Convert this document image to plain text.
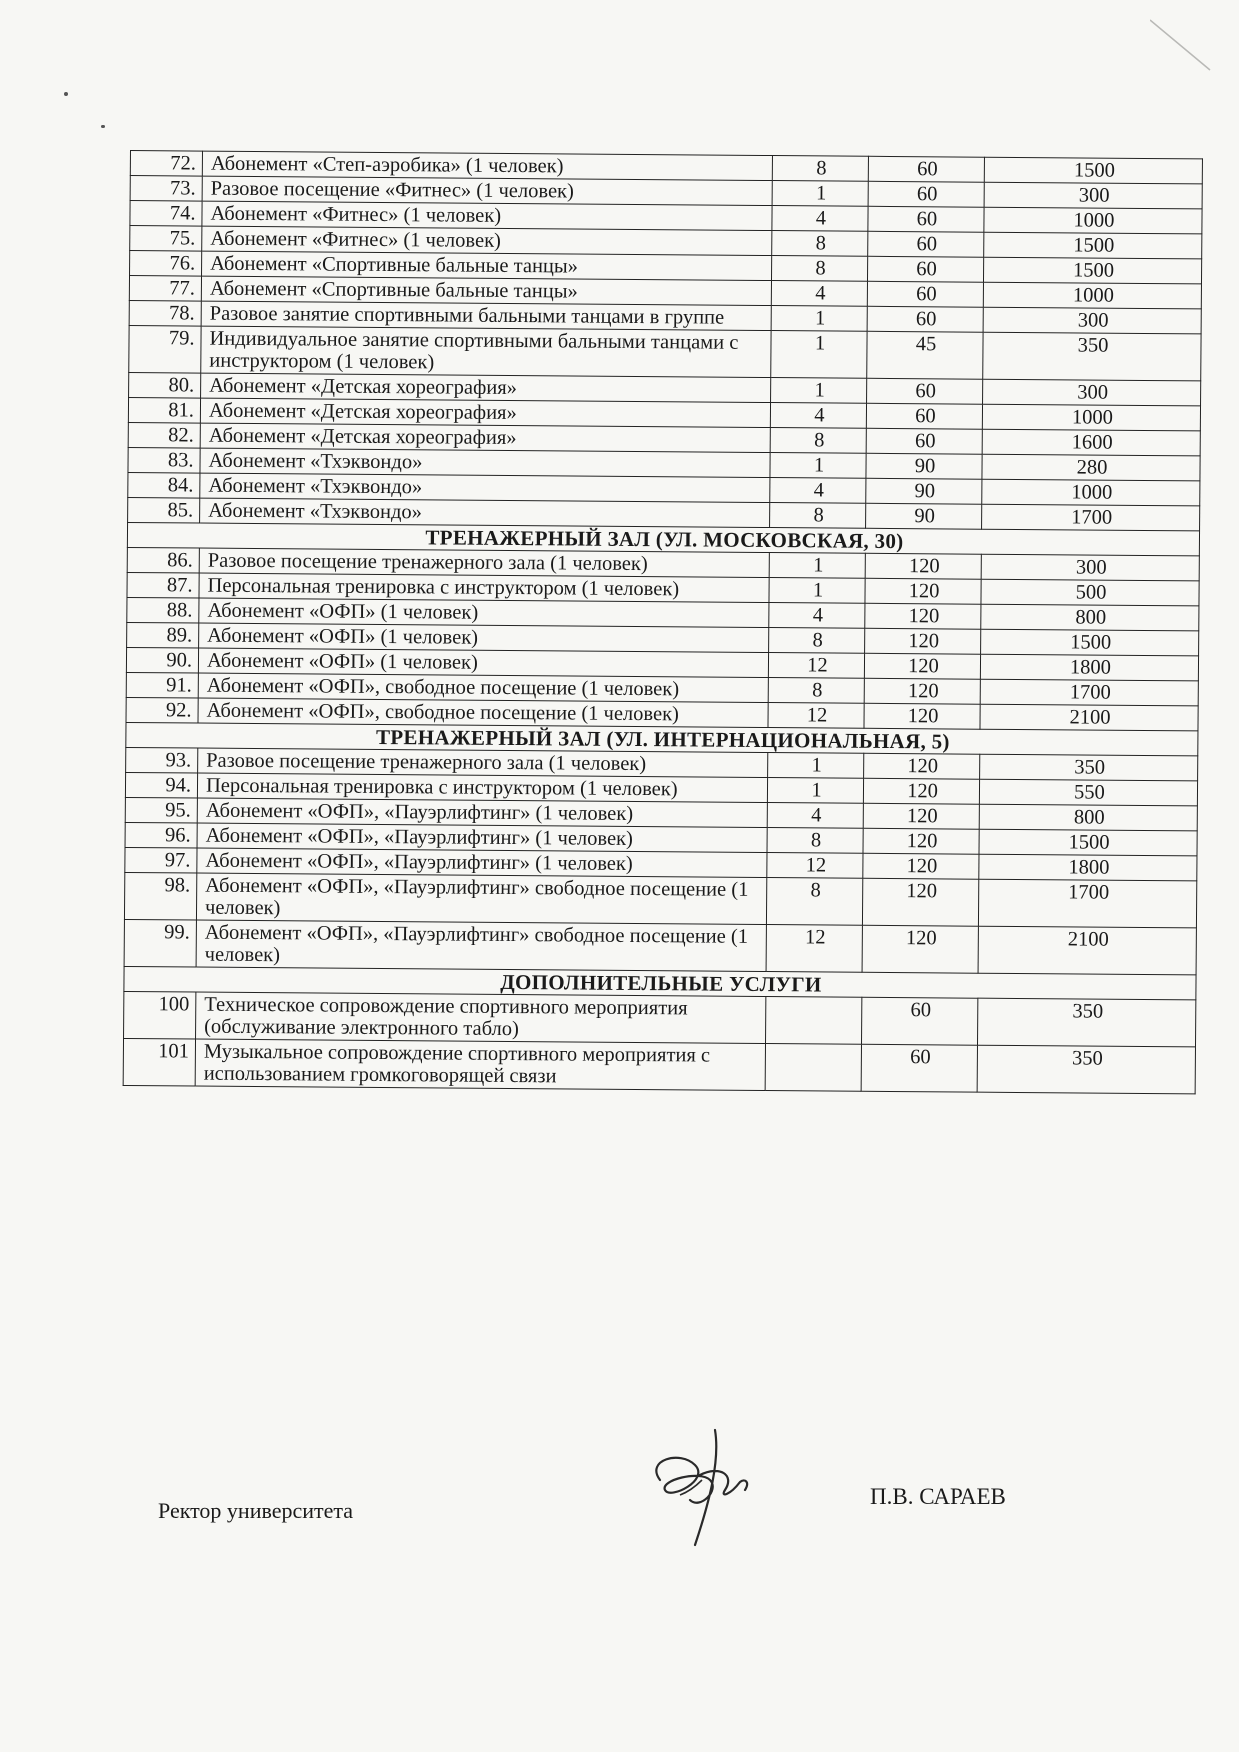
72.	Абонемент «Степ-аэробика» (1 человек)	8	60	1500
73.	Разовое посещение «Фитнес» (1 человек)	1	60	300
74.	Абонемент «Фитнес» (1 человек)	4	60	1000
75.	Абонемент «Фитнес» (1 человек)	8	60	1500
76.	Абонемент «Спортивные бальные танцы»	8	60	1500
77.	Абонемент «Спортивные бальные танцы»	4	60	1000
78.	Разовое занятие спортивными бальными танцами в группе	1	60	300
79.	Индивидуальное занятие спортивными бальными танцами с инструктором (1 человек)	1	45	350
80.	Абонемент «Детская хореография»	1	60	300
81.	Абонемент «Детская хореография»	4	60	1000
82.	Абонемент «Детская хореография»	8	60	1600
83.	Абонемент «Тхэквондо»	1	90	280
84.	Абонемент «Тхэквондо»	4	90	1000
85.	Абонемент «Тхэквондо»	8	90	1700
ТРЕНАЖЕРНЫЙ ЗАЛ (УЛ. МОСКОВСКАЯ, 30)				
86.	Разовое посещение тренажерного зала (1 человек)	1	120	300
87.	Персональная тренировка с инструктором (1 человек)	1	120	500
88.	Абонемент «ОФП» (1 человек)	4	120	800
89.	Абонемент «ОФП» (1 человек)	8	120	1500
90.	Абонемент «ОФП» (1 человек)	12	120	1800
91.	Абонемент «ОФП», свободное посещение (1 человек)	8	120	1700
92.	Абонемент «ОФП», свободное посещение (1 человек)	12	120	2100
ТРЕНАЖЕРНЫЙ ЗАЛ (УЛ. ИНТЕРНАЦИОНАЛЬНАЯ, 5)				
93.	Разовое посещение тренажерного зала (1 человек)	1	120	350
94.	Персональная тренировка с инструктором (1 человек)	1	120	550
95.	Абонемент «ОФП», «Пауэрлифтинг» (1 человек)	4	120	800
96.	Абонемент «ОФП», «Пауэрлифтинг» (1 человек)	8	120	1500
97.	Абонемент «ОФП», «Пауэрлифтинг» (1 человек)	12	120	1800
98.	Абонемент «ОФП», «Пауэрлифтинг» свободное посещение (1 человек)	8	120	1700
99.	Абонемент «ОФП», «Пауэрлифтинг» свободное посещение (1 человек)	12	120	2100
ДОПОЛНИТЕЛЬНЫЕ УСЛУГИ				
100	Техническое сопровождение спортивного мероприятия (обслуживание электронного табло)		60	350
101	Музыкальное сопровождение спортивного мероприятия с использованием громкоговорящей связи		60	350
Ректор университета
П.В. САРАЕВ
